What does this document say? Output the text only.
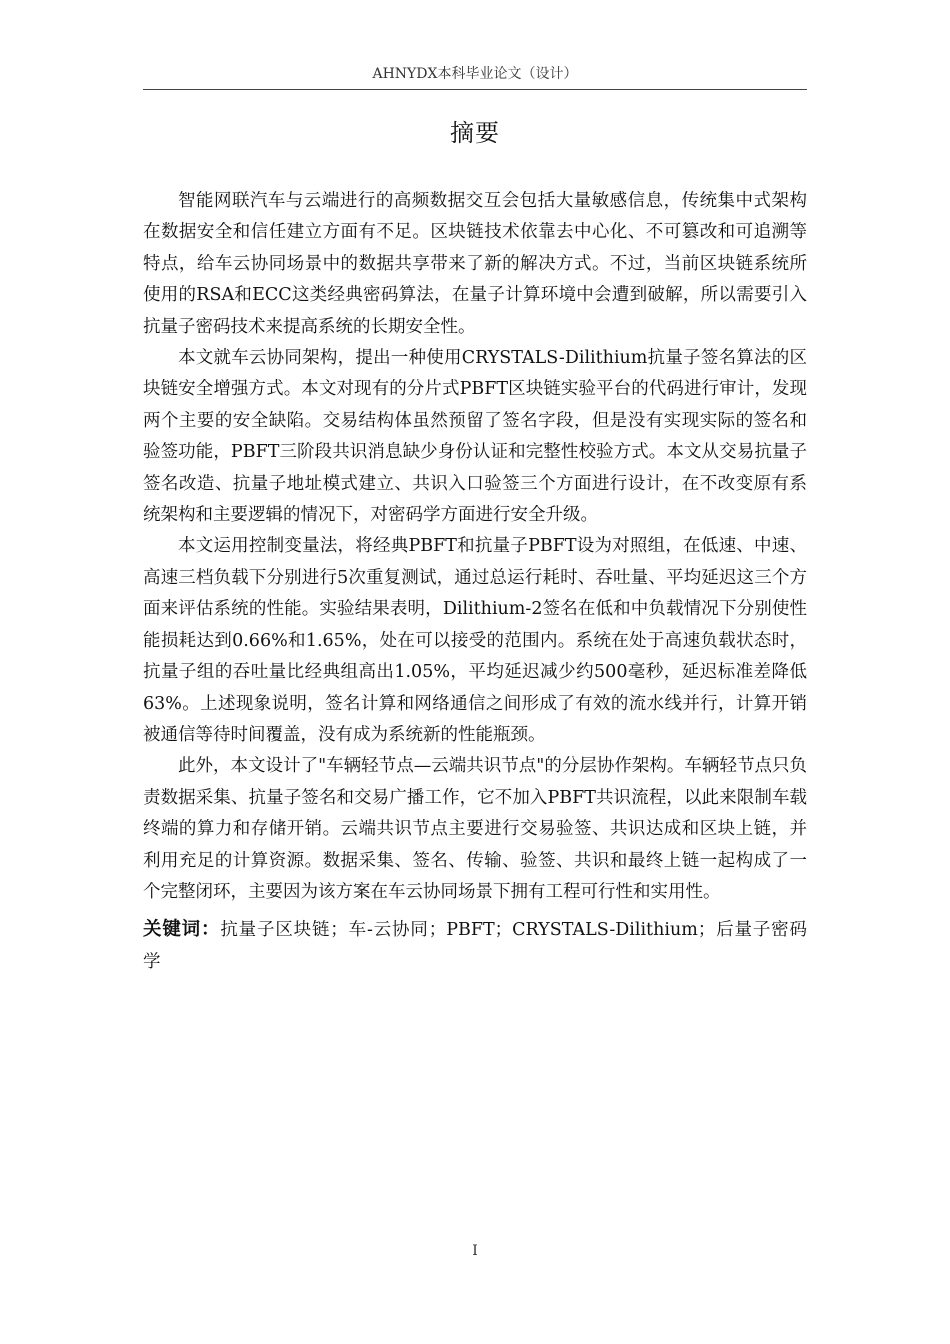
AHNYDX本科毕业论文（设计）
摘要

智能网联汽车与云端进行的高频数据交互会包括大量敏感信息，传统集中式架构在数据安全和信任建立方面有不足。区块链技术依靠去中心化、不可篡改和可追溯等特点，给车云协同场景中的数据共享带来了新的解决方式。不过，当前区块链系统所使用的RSA和ECC这类经典密码算法，在量子计算环境中会遭到破解，所以需要引入抗量子密码技术来提高系统的长期安全性。

本文就车云协同架构，提出一种使用CRYSTALS-Dilithium抗量子签名算法的区块链安全增强方式。本文对现有的分片式PBFT区块链实验平台的代码进行审计，发现两个主要的安全缺陷。交易结构体虽然预留了签名字段，但是没有实现实际的签名和验签功能，PBFT三阶段共识消息缺少身份认证和完整性校验方式。本文从交易抗量子签名改造、抗量子地址模式建立、共识入口验签三个方面进行设计，在不改变原有系统架构和主要逻辑的情况下，对密码学方面进行安全升级。

本文运用控制变量法，将经典PBFT和抗量子PBFT设为对照组，在低速、中速、高速三档负载下分别进行5次重复测试，通过总运行耗时、吞吐量、平均延迟这三个方面来评估系统的性能。实验结果表明，Dilithium-2签名在低和中负载情况下分别使性能损耗达到0.66%和1.65%，处在可以接受的范围内。系统在处于高速负载状态时，抗量子组的吞吐量比经典组高出1.05%，平均延迟减少约500毫秒，延迟标准差降低63%。上述现象说明，签名计算和网络通信之间形成了有效的流水线并行，计算开销被通信等待时间覆盖，没有成为系统新的性能瓶颈。

此外，本文设计了"车辆轻节点—云端共识节点"的分层协作架构。车辆轻节点只负责数据采集、抗量子签名和交易广播工作，它不加入PBFT共识流程，以此来限制车载终端的算力和存储开销。云端共识节点主要进行交易验签、共识达成和区块上链，并利用充足的计算资源。数据采集、签名、传输、验签、共识和最终上链一起构成了一个完整闭环，主要因为该方案在车云协同场景下拥有工程可行性和实用性。

关键词：抗量子区块链；车-云协同；PBFT；CRYSTALS-Dilithium；后量子密码学

I
